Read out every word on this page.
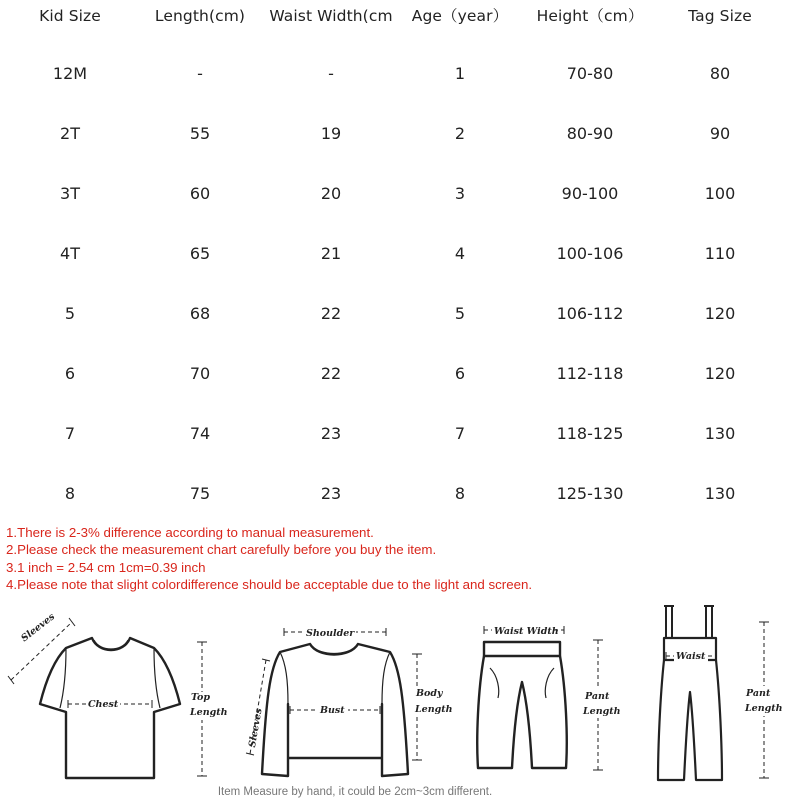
Kid Size	Length(cm)	Waist Width(cm	Age（year）	Height（cm）	Tag Size
12M	-	-	1	70-80	80
2T	55	19	2	80-90	90
3T	60	20	3	90-100	100
4T	65	21	4	100-106	110
5	68	22	5	106-112	120
6	70	22	6	112-118	120
7	74	23	7	118-125	130
8	75	23	8	125-130	130
1.There is 2-3% difference according to manual measurement.
2.Please check the measurement chart carefully before you buy the item.
3.1 inch = 2.54 cm 1cm=0.39 inch
4.Please note that slight colordifference should be acceptable due to the light and screen.
Sleeves
Chest
Top
Length Sleeves
Shoulder
Bust
Body
Length
Waist Width
Pant
Length
Waist
Pant
Length
Item Measure by hand, it could be 2cm~3cm different.
